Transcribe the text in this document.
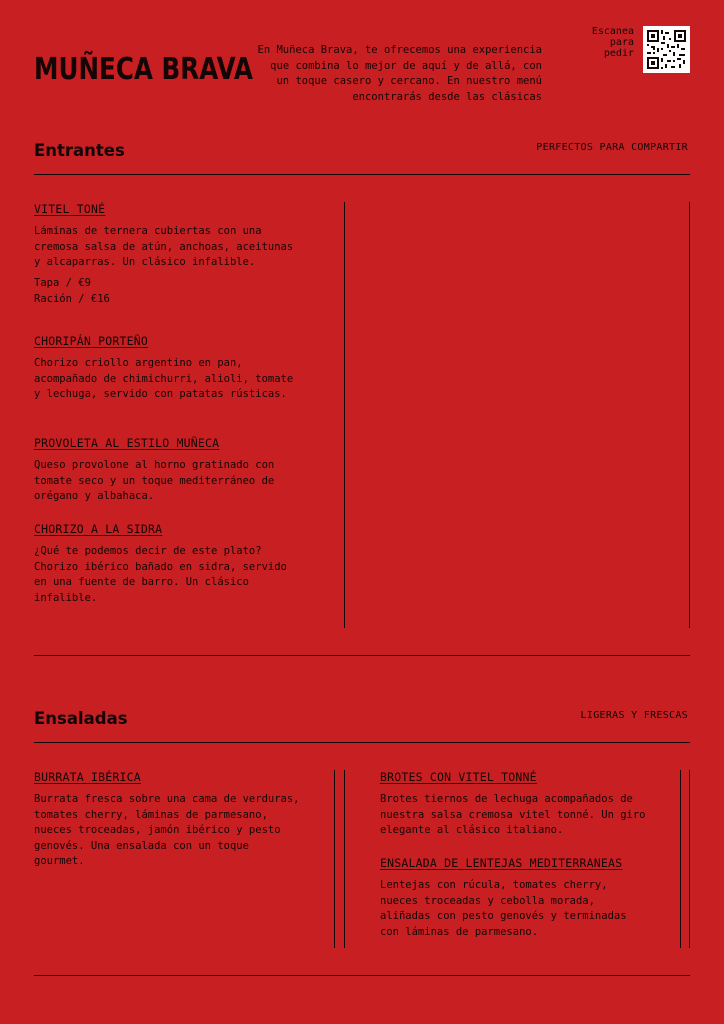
MUÑECA BRAVA
En Muñeca Brava, te ofrecemos una experiencia que combina lo mejor de aquí y de allá, con un toque casero y cercano. En nuestro menú encontrarás desde las clásicas
Escanea
para
pedir
Entrantes	PERFECTOS PARA COMPARTIR
VITEL TONÉ
Láminas de ternera cubiertas con una cremosa salsa de atún, anchoas, aceitunas y alcaparras. Un clásico infalible.
Tapa / €9
Ración / €16
CHORIPÁN PORTEÑO
Chorizo criollo argentino en pan, acompañado de chimichurri, alioli, tomate y lechuga, servido con patatas rústicas.
PROVOLETA AL ESTILO MUÑECA
Queso provolone al horno gratinado con tomate seco y un toque mediterráneo de orégano y albahaca.
CHORIZO A LA SIDRA
¿Qué te podemos decir de este plato? Chorizo ibérico bañado en sidra, servido en una fuente de barro. Un clásico infalible.
Ensaladas	LIGERAS Y FRESCAS
BURRATA IBÉRICA
Burrata fresca sobre una cama de verduras, tomates cherry, láminas de parmesano, nueces troceadas, jamón ibérico y pesto genovés. Una ensalada con un toque gourmet.
BROTES CON VITEL TONNÉ
Brotes tiernos de lechuga acompañados de nuestra salsa cremosa vitel tonné. Un giro elegante al clásico italiano.
ENSALADA DE LENTEJAS MEDITERRANEAS
Lentejas con rúcula, tomates cherry, nueces troceadas y cebolla morada, aliñadas con pesto genovés y terminadas con láminas de parmesano.
